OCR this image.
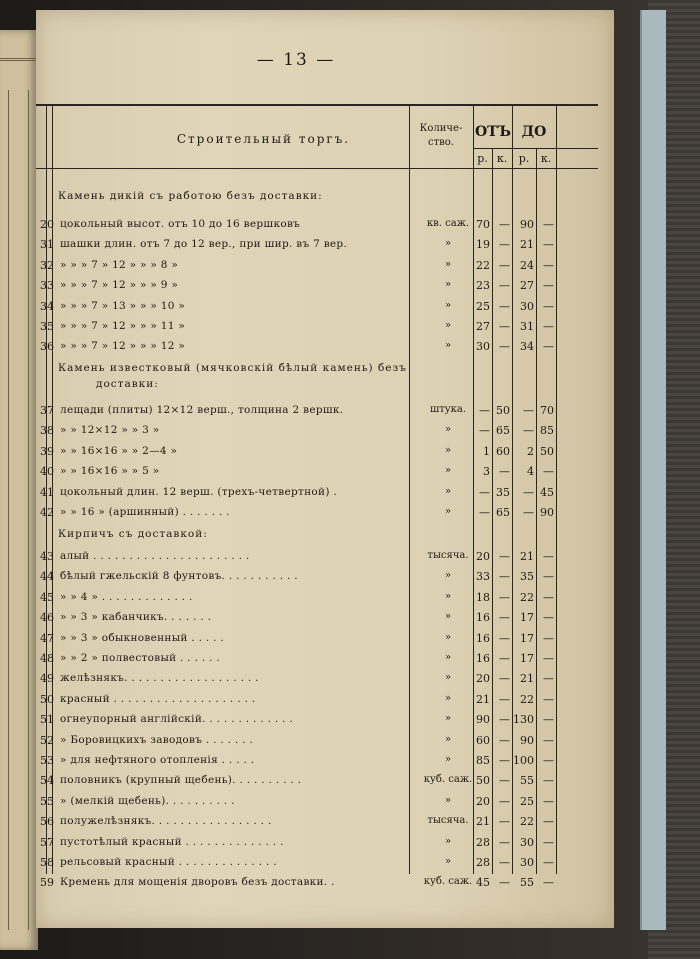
— 13 —
Строительный торгъ.
Количе-
ство.
ОТЪ ДО
р. к.	р.	к.
Камень дикій съ работою безъ доставки:
Камень известковый (мячковскій бѣлый камень) безъ
доставки:
Кирпичъ съ доставкой:
20 цокольный высот. отъ 10 до 16 вершковъ	кв. саж. 70 — 90 —
31 шашки длин. отъ 7 до 12 вер., при шир. въ 7 вер.	»	19 — 21 —
32 » » » 7 » 12 » » » 8 »	»	22 — 24 —
33 » » » 7 » 12 » » » 9 »	»	23 — 27 —
34 » » » 7 » 13 » » » 10 »	»	25 — 30 —
35 » » » 7 » 12 » » » 11 »	»	27 — 31 —
36 » » » 7 » 12 » » » 12 »	»	30 — 34 —
37 лещади (плиты) 12×12 верш., толщина 2 вершк.	штука.	— 50	— 70
38 » » 12×12 » » 3 »	»	— 65	— 85
39 » » 16×16 » » 2—4 »	»	1 60	2 50
40 » » 16×16 » » 5 »	»	3 —	4 —
41 цокольный длин. 12 верш. (трехъ-четвертной) .	»	— 35	— 45
42 » » 16 » (аршинный) . . . . . . .	»	— 65	— 90
43 алый . . . . . . . . . . . . . . . . . . . . . .	тысяча. 20 — 21 —
44 бѣлый гжельскій 8 фунтовъ. . . . . . . . . . .	»	33 — 35 —
45 » » 4 » . . . . . . . . . . . . .	»	18 — 22 —
46 » » 3 » кабанчикъ. . . . . . .	»	16 — 17 —
47 » » 3 » обыкновенный . . . . .	»	16 — 17 —
48 » » 2 » полвестовый . . . . . .	»	16 — 17 —
49 желѣзнякъ. . . . . . . . . . . . . . . . . . .	»	20 — 21 —
50 красный . . . . . . . . . . . . . . . . . . . .	»	21 — 22 —
51 огнеупорный англійскій. . . . . . . . . . . . .	»	90 — 130 —
52 » Боровицкихъ заводовъ . . . . . . .	»	60 — 90 —
53 » для нефтяного отопленія . . . . .	»	85 — 100 —
54 половникъ (крупный щебень). . . . . . . . . .	куб. саж. 50 — 55 —
55 » (мелкій щебень). . . . . . . . . .	»	20 — 25 —
56 полужелѣзнякъ. . . . . . . . . . . . . . . . .	тысяча. 21 — 22 —
57 пустотѣлый красный . . . . . . . . . . . . . .	»	28 — 30 —
58 рельсовый красный . . . . . . . . . . . . . .	»	28 — 30 —
59 Кремень для мощенія дворовъ безъ доставки. .	куб. саж. 45 — 55 —
